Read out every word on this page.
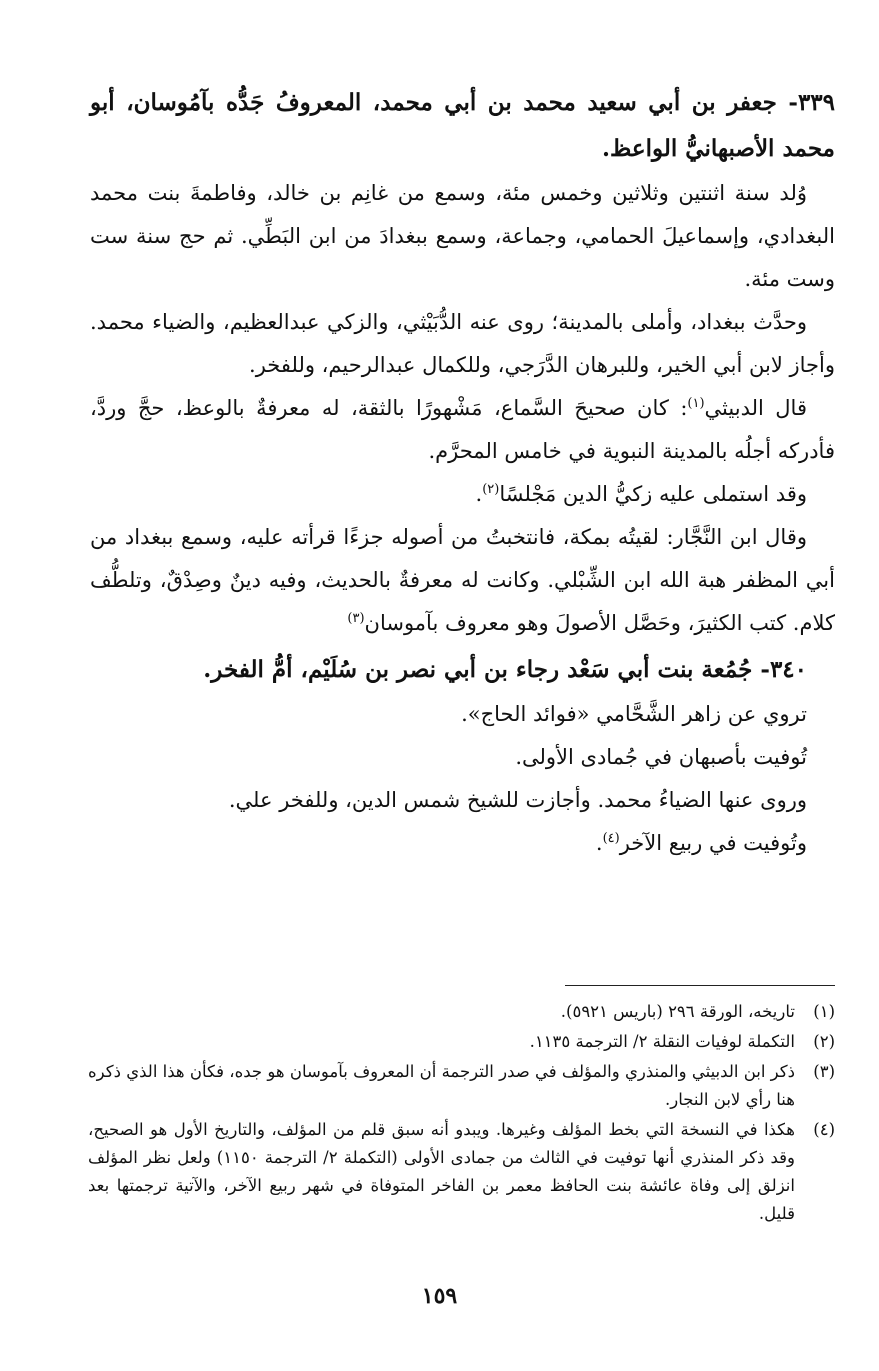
٣٣٩- جعفر بن أبي سعيد محمد بن أبي محمد، المعروفُ جَدُّه بآمُوسان، أبو محمد الأصبهانيُّ الواعظ.

وُلد سنة اثنتين وثلاثين وخمس مئة، وسمع من غانِم بن خالد، وفاطمةَ بنت محمد البغدادي، وإسماعيلَ الحمامي، وجماعة، وسمع ببغدادَ من ابن البَطِّي. ثم حج سنة ست وست مئة.

وحدَّث ببغداد، وأملى بالمدينة؛ روى عنه الدُّبَيْثي، والزكي عبدالعظيم، والضياء محمد. وأجاز لابن أبي الخير، وللبرهان الدَّرَجي، وللكمال عبدالرحيم، وللفخر.

قال الدبيثي$^{(١)}$: كان صحيحَ السَّماع، مَشْهورًا بالثقة، له معرفةٌ بالوعظ، حجَّ وردَّ، فأدركه أجلُه بالمدينة النبوية في خامس المحرَّم.

وقد استملى عليه زكيُّ الدين مَجْلسًا$^{(٢)}$.

وقال ابن النَّجَّار: لقيتُه بمكة، فانتخبتُ من أصوله جزءًا قرأته عليه، وسمع ببغداد من أبي المظفر هبة الله ابن الشِّبْلي. وكانت له معرفةٌ بالحديث، وفيه دينٌ وصِدْقٌ، وتلطُّف كلام. كتب الكثيرَ، وحَصَّل الأصولَ وهو معروف بآموسان$^{(٣)}$

٣٤٠- جُمُعة بنت أبي سَعْد رجاء بن أبي نصر بن سُلَيْم، أمُّ الفخر.

تروي عن زاهر الشَّحَّامي «فوائد الحاج».

تُوفيت بأصبهان في جُمادى الأولى.

وروى عنها الضياءُ محمد. وأجازت للشيخ شمس الدين، وللفخر علي.

وتُوفيت في ربيع الآخر$^{(٤)}$.

(١)
تاريخه، الورقة ٢٩٦ (باريس ٥٩٢١).
(٢)
التكملة لوفيات النقلة ٢/ الترجمة ١١٣٥.
(٣)
ذكر ابن الدبيثي والمنذري والمؤلف في صدر الترجمة أن المعروف بآموسان هو جده، فكأن هذا الذي ذكره هنا رأي لابن النجار.
(٤)
هكذا في النسخة التي بخط المؤلف وغيرها. ويبدو أنه سبق قلم من المؤلف، والتاريخ الأول هو الصحيح، وقد ذكر المنذري أنها توفيت في الثالث من جمادى الأولى (التكملة ٢/ الترجمة ١١٥٠) ولعل نظر المؤلف انزلق إلى وفاة عائشة بنت الحافظ معمر بن الفاخر المتوفاة في شهر ربيع الآخر، والآتية ترجمتها بعد قليل.
١٥٩
